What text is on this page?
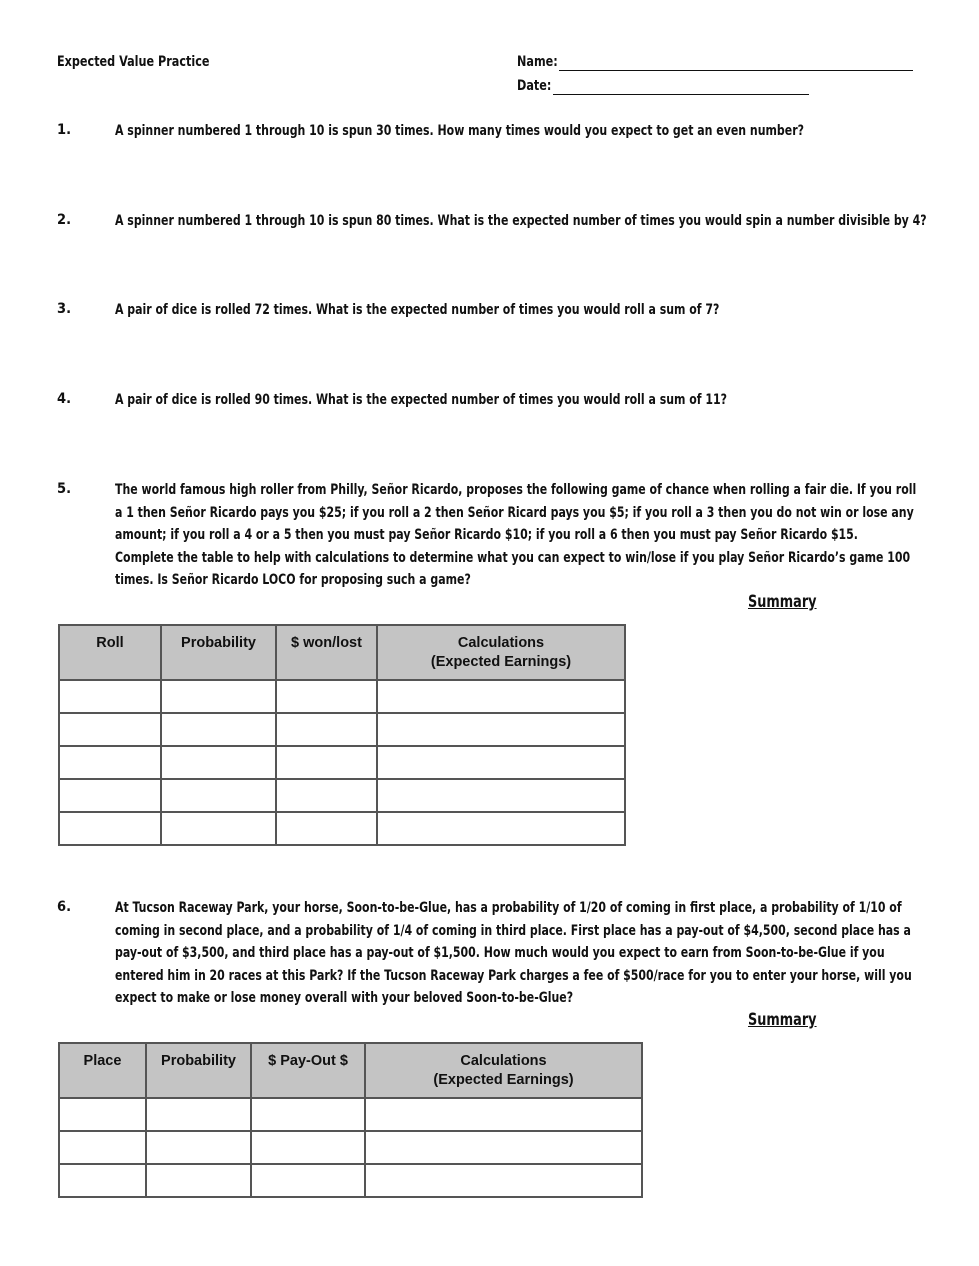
Expected Value Practice	Name:
Date:
1.	A spinner numbered 1 through 10 is spun 30 times. How many times would you expect to get an even number?
2.	A spinner numbered 1 through 10 is spun 80 times. What is the expected number of times you would spin a number divisible by 4?
3.	A pair of dice is rolled 72 times. What is the expected number of times you would roll a sum of 7?
4.	A pair of dice is rolled 90 times. What is the expected number of times you would roll a sum of 11?
5.	The world famous high roller from Philly, Señor Ricardo, proposes the following game of chance when rolling a fair die. If you roll a 1 then Señor Ricardo pays you $25; if you roll a 2 then Señor Ricard pays you $5; if you roll a 3 then you do not win or lose any amount; if you roll a 4 or a 5 then you must pay Señor Ricardo $10; if you roll a 6 then you must pay Señor Ricardo $15. Complete the table to help with calculations to determine what you can expect to win/lose if you play Señor Ricardo’s game 100 times. Is Señor Ricardo LOCO for proposing such a game?
Summary
Roll	Probability	$ won/lost	Calculations
(Expected Earnings)

6.	At Tucson Raceway Park, your horse, Soon-to-be-Glue, has a probability of 1/20 of coming in first place, a probability of 1/10 of coming in second place, and a probability of 1/4 of coming in third place. First place has a pay-out of $4,500, second place has a pay-out of $3,500, and third place has a pay-out of $1,500. How much would you expect to earn from Soon-to-be-Glue if you entered him in 20 races at this Park? If the Tucson Raceway Park charges a fee of $500/race for you to enter your horse, will you expect to make or lose money overall with your beloved Soon-to-be-Glue?
Summary
Place	Probability	$ Pay-Out $	Calculations
(Expected Earnings)
